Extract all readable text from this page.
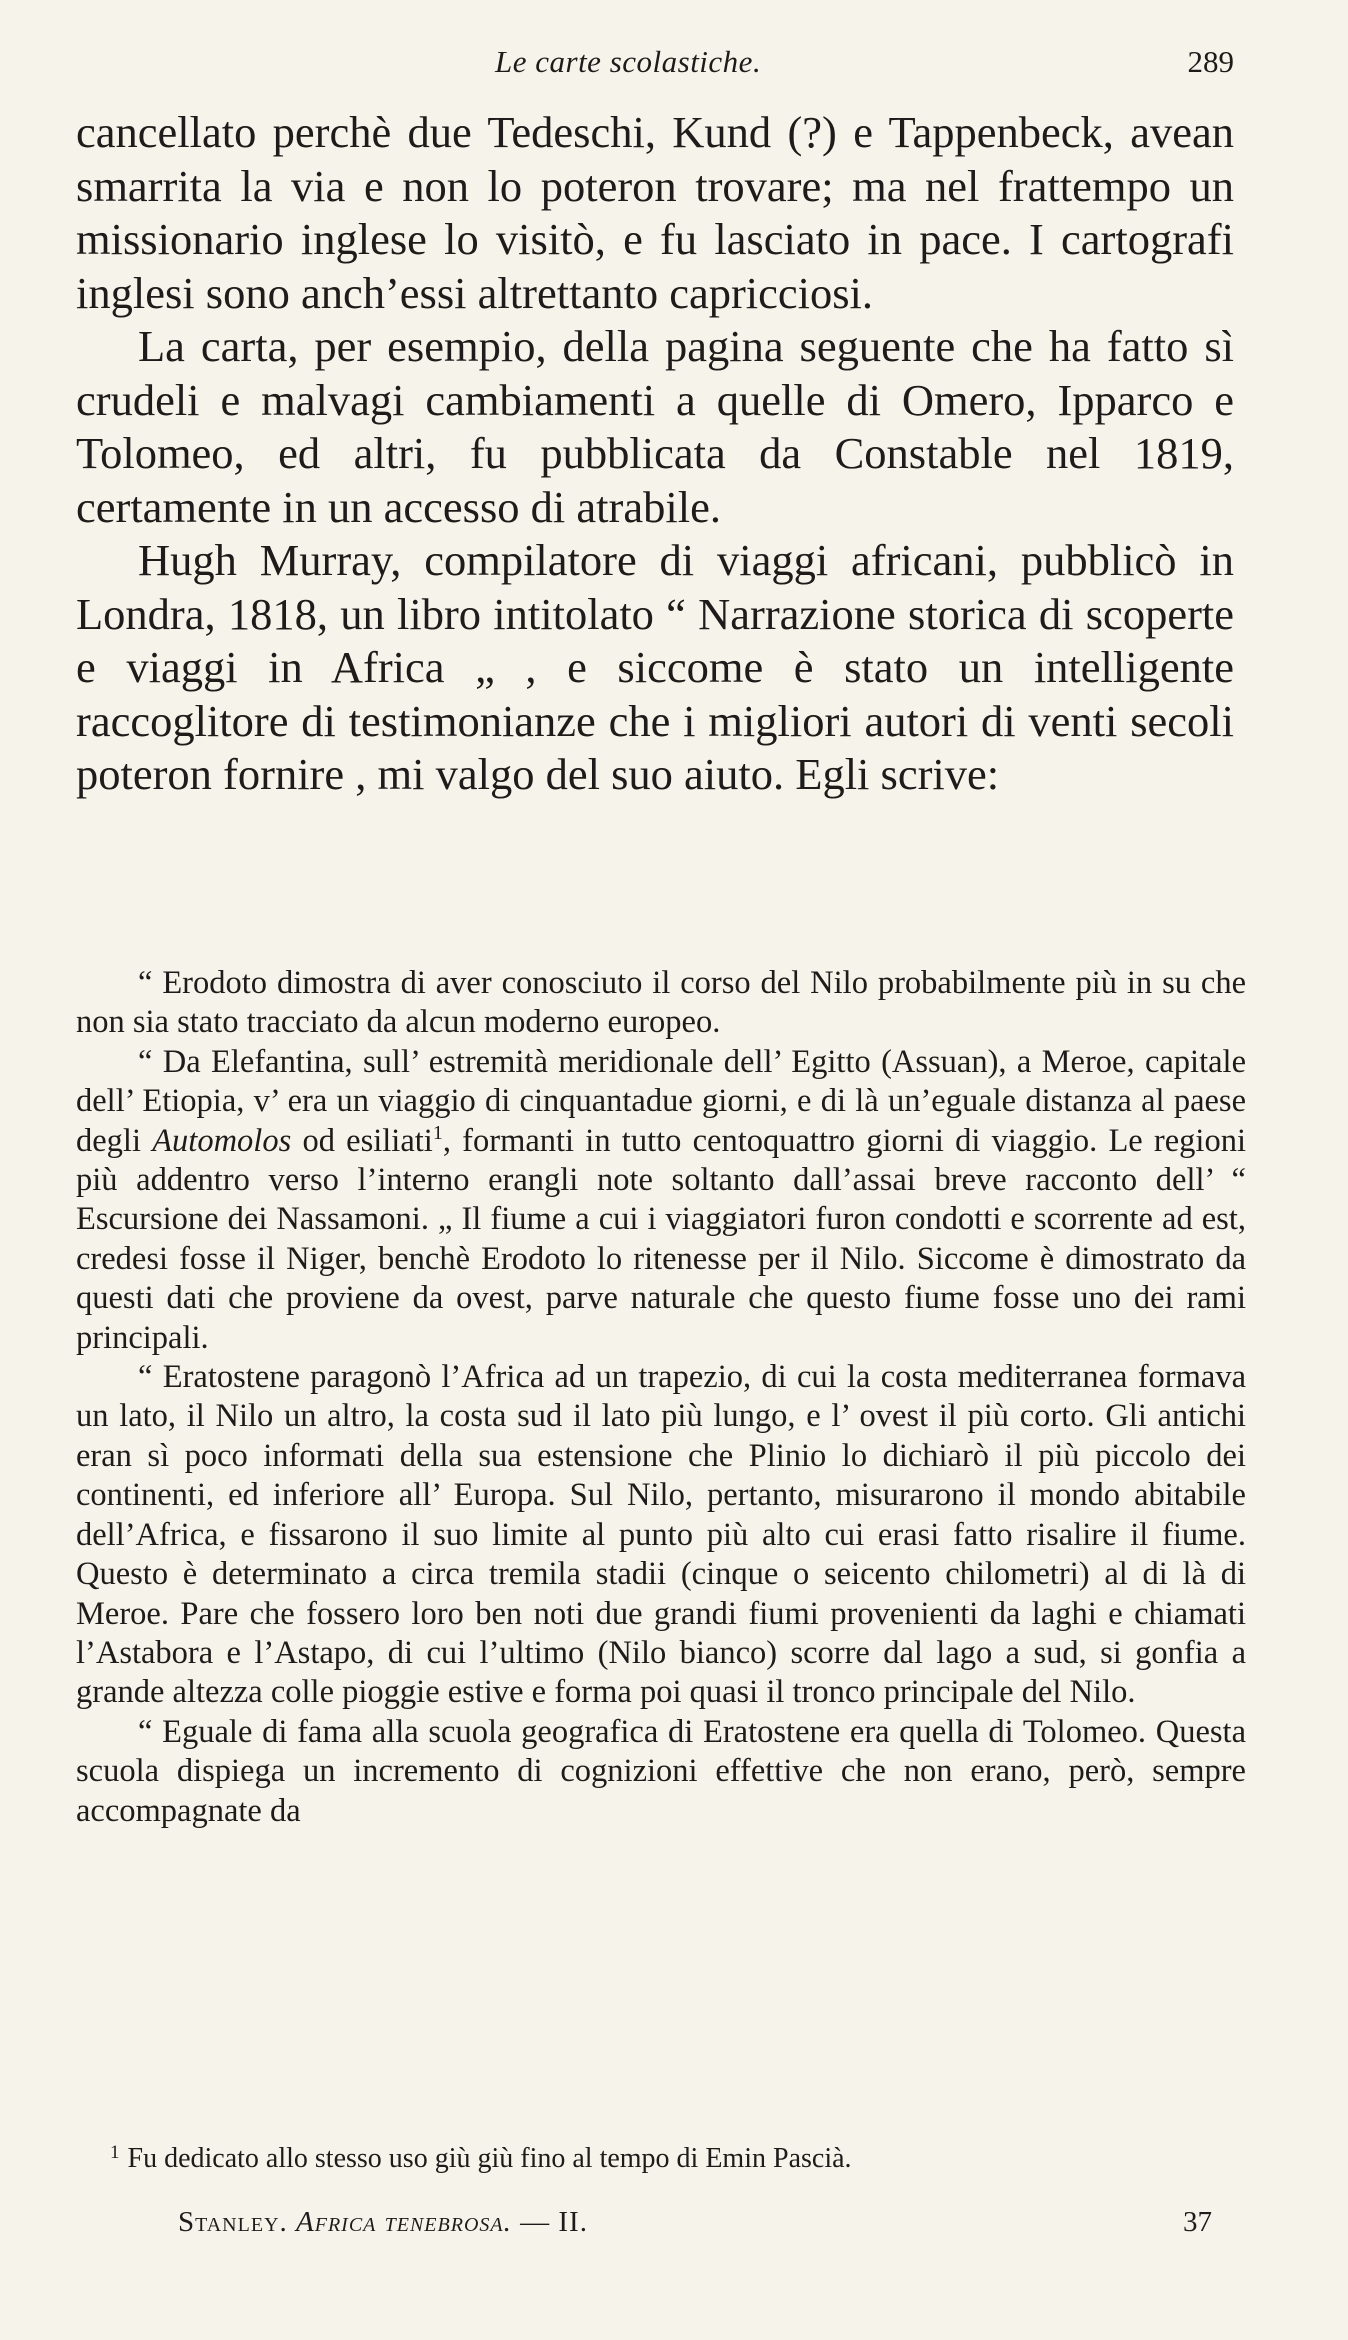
Le carte scolastiche.	289

cancellato perchè due Tedeschi, Kund (?) e Tappenbeck, avean smarrita la via e non lo poteron trovare; ma nel frattempo un missionario inglese lo visitò, e fu lasciato in pace. I cartografi inglesi sono anch’essi altrettanto capricciosi.

La carta, per esempio, della pagina seguente che ha fatto sì crudeli e malvagi cambiamenti a quelle di Omero, Ipparco e Tolomeo, ed altri, fu pubblicata da Constable nel 1819, certamente in un accesso di atrabile.

Hugh Murray, compilatore di viaggi africani, pubblicò in Londra, 1818, un libro intitolato “ Narrazione storica di scoperte e viaggi in Africa „ , e siccome è stato un intelligente raccoglitore di testimonianze che i migliori autori di venti secoli poteron fornire , mi valgo del suo aiuto. Egli scrive:

“ Erodoto dimostra di aver conosciuto il corso del Nilo probabilmente più in su che non sia stato tracciato da alcun moderno europeo.

“ Da Elefantina, sull’ estremità meridionale dell’ Egitto (Assuan), a Meroe, capitale dell’ Etiopia, v’ era un viaggio di cinquantadue giorni, e di là un’eguale distanza al paese degli Automolos od esiliati$^1$, formanti in tutto centoquattro giorni di viaggio. Le regioni più addentro verso l’interno erangli note soltanto dall’assai breve racconto dell’ “ Escursione dei Nassamoni. „ Il fiume a cui i viaggiatori furon condotti e scorrente ad est, credesi fosse il Niger, benchè Erodoto lo ritenesse per il Nilo. Siccome è dimostrato da questi dati che proviene da ovest, parve naturale che questo fiume fosse uno dei rami principali.

“ Eratostene paragonò l’Africa ad un trapezio, di cui la costa mediterranea formava un lato, il Nilo un altro, la costa sud il lato più lungo, e l’ ovest il più corto. Gli antichi eran sì poco informati della sua estensione che Plinio lo dichiarò il più piccolo dei continenti, ed inferiore all’ Europa. Sul Nilo, pertanto, misurarono il mondo abitabile dell’Africa, e fissarono il suo limite al punto più alto cui erasi fatto risalire il fiume. Questo è determinato a circa tremila stadii (cinque o seicento chilometri) al di là di Meroe. Pare che fossero loro ben noti due grandi fiumi provenienti da laghi e chiamati l’Astabora e l’Astapo, di cui l’ultimo (Nilo bianco) scorre dal lago a sud, si gonfia a grande altezza colle pioggie estive e forma poi quasi il tronco principale del Nilo.

“ Eguale di fama alla scuola geografica di Eratostene era quella di Tolomeo. Questa scuola dispiega un incremento di cognizioni effettive che non erano, però, sempre accompagnate da

$^1$ Fu dedicato allo stesso uso giù giù fino al tempo di Emin Pascià.
Stanley. Africa tenebrosa. — II.	37
